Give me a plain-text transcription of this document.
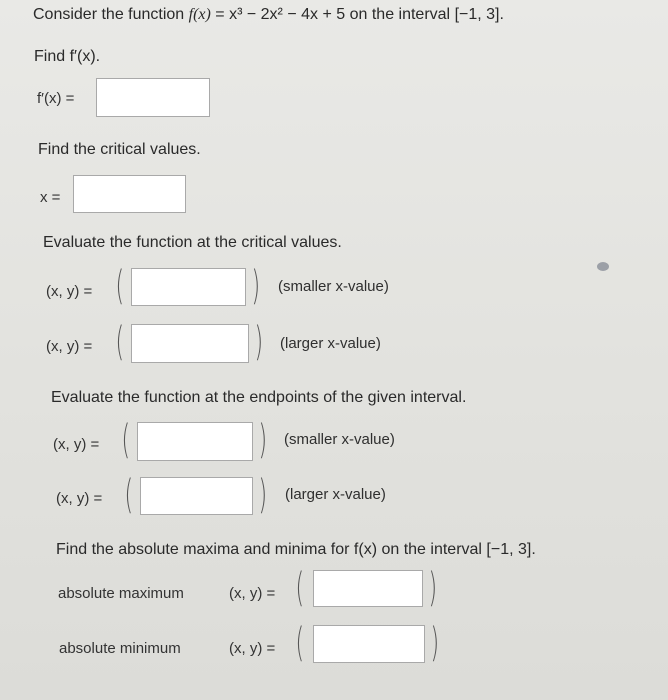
Consider the function f(x) = x³ − 2x² − 4x + 5 on the interval [−1, 3].
Find f′(x).
f′(x) =
Find the critical values.
x =
Evaluate the function at the critical values.
(x, y) = (	) (smaller x-value)
(x, y) = (	) (larger x-value)
Evaluate the function at the endpoints of the given interval.
(x, y) = (	) (smaller x-value)
(x, y) = (	) (larger x-value)
Find the absolute maxima and minima for f(x) on the interval [−1, 3].
absolute maximum	(x, y) = (	)
absolute minimum	(x, y) = (	)
